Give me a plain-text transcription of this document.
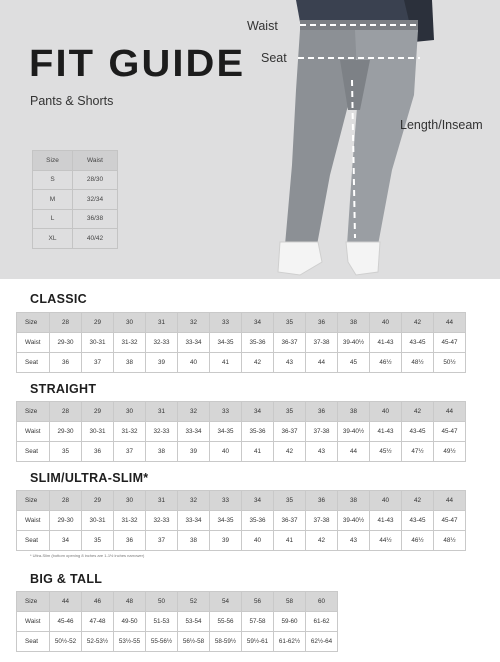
FIT GUIDE
Pants & Shorts
Size	Waist
S	28/30
M	32/34
L	36/38
XL	40/42
Waist
Seat
Length/Inseam
CLASSIC
Size	28	29	30	31	32	33	34	35	36	38	40	42	44
Waist	29-30	30-31	31-32	32-33	33-34	34-35	35-36	36-37	37-38	39-40½	41-43	43-45	45-47
Seat	36	37	38	39	40	41	42	43	44	45	46½	48½	50½
STRAIGHT
Size	28	29	30	31	32	33	34	35	36	38	40	42	44
Waist	29-30	30-31	31-32	32-33	33-34	34-35	35-36	36-37	37-38	39-40½	41-43	43-45	45-47
Seat	35	36	37	38	39	40	41	42	43	44	45½	47½	49½
SLIM/ULTRA-SLIM*
Size	28	29	30	31	32	33	34	35	36	38	40	42	44
Waist	29-30	30-31	31-32	32-33	33-34	34-35	35-36	36-37	37-38	39-40½	41-43	43-45	45-47
Seat	34	35	36	37	38	39	40	41	42	43	44½	46½	48½
* Ultra-Slim (bottom opening 8 inches are 1-1½ inches narrower)
BIG & TALL
Size	44	46	48	50	52	54	56	58	60
Waist	45-46	47-48	49-50	51-53	53-54	55-56	57-58	59-60	61-62
Seat	50½-52	52-53½	53½-55	55-56½	56½-58	58-59½	59½-61	61-62½	62½-64
